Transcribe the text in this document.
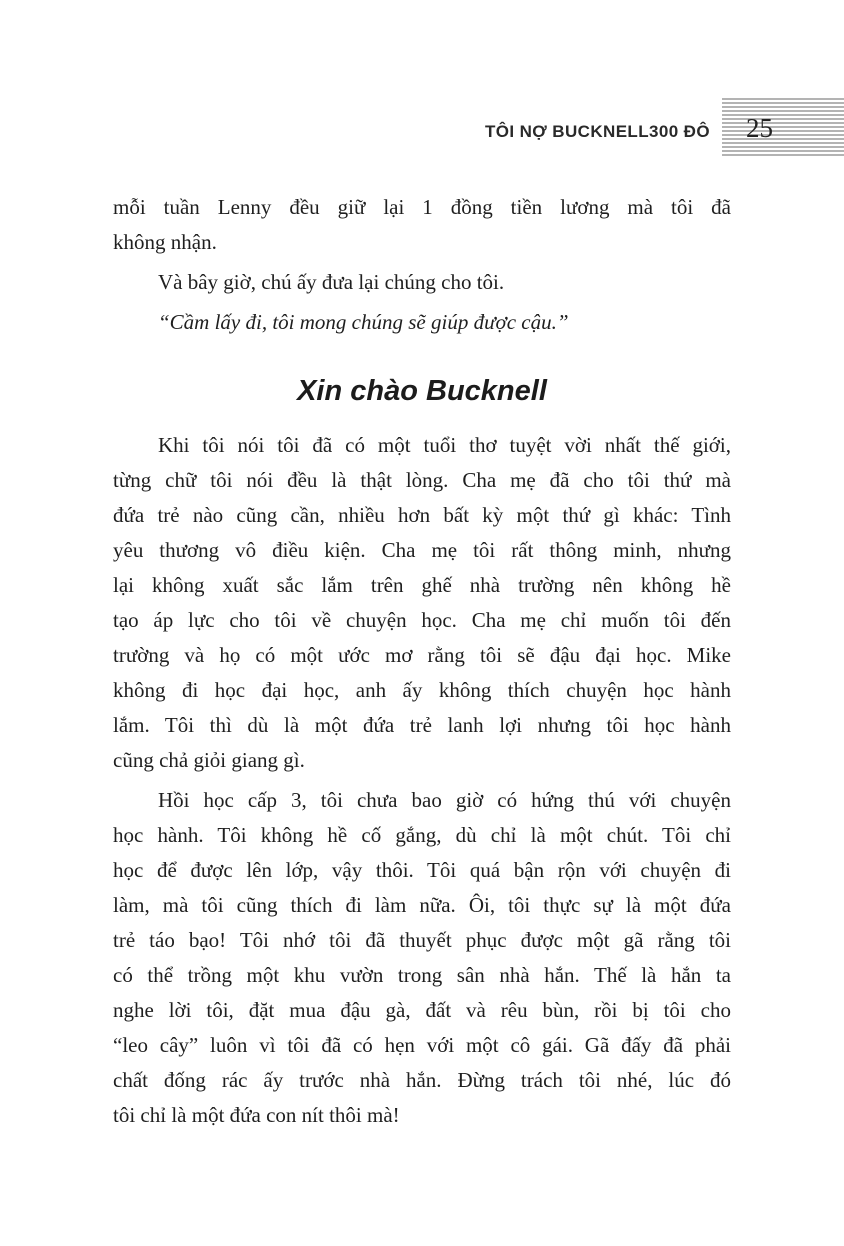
TÔI NỢ BUCKNELL300 ĐÔ	25
mỗi tuần Lenny đều giữ lại 1 đồng tiền lương mà tôi đã
không nhận.
Và bây giờ, chú ấy đưa lại chúng cho tôi.
“Cầm lấy đi, tôi mong chúng sẽ giúp được cậu.”
Xin chào Bucknell
Khi tôi nói tôi đã có một tuổi thơ tuyệt vời nhất thế giới,
từng chữ tôi nói đều là thật lòng. Cha mẹ đã cho tôi thứ mà
đứa trẻ nào cũng cần, nhiều hơn bất kỳ một thứ gì khác: Tình
yêu thương vô điều kiện. Cha mẹ tôi rất thông minh, nhưng
lại không xuất sắc lắm trên ghế nhà trường nên không hề
tạo áp lực cho tôi về chuyện học. Cha mẹ chỉ muốn tôi đến
trường và họ có một ước mơ rằng tôi sẽ đậu đại học. Mike
không đi học đại học, anh ấy không thích chuyện học hành
lắm. Tôi thì dù là một đứa trẻ lanh lợi nhưng tôi học hành
cũng chả giỏi giang gì.
Hồi học cấp 3, tôi chưa bao giờ có hứng thú với chuyện
học hành. Tôi không hề cố gắng, dù chỉ là một chút. Tôi chỉ
học để được lên lớp, vậy thôi. Tôi quá bận rộn với chuyện đi
làm, mà tôi cũng thích đi làm nữa. Ôi, tôi thực sự là một đứa
trẻ táo bạo! Tôi nhớ tôi đã thuyết phục được một gã rằng tôi
có thể trồng một khu vườn trong sân nhà hắn. Thế là hắn ta
nghe lời tôi, đặt mua đậu gà, đất và rêu bùn, rồi bị tôi cho
“leo cây” luôn vì tôi đã có hẹn với một cô gái. Gã đấy đã phải
chất đống rác ấy trước nhà hắn. Đừng trách tôi nhé, lúc đó
tôi chỉ là một đứa con nít thôi mà!
